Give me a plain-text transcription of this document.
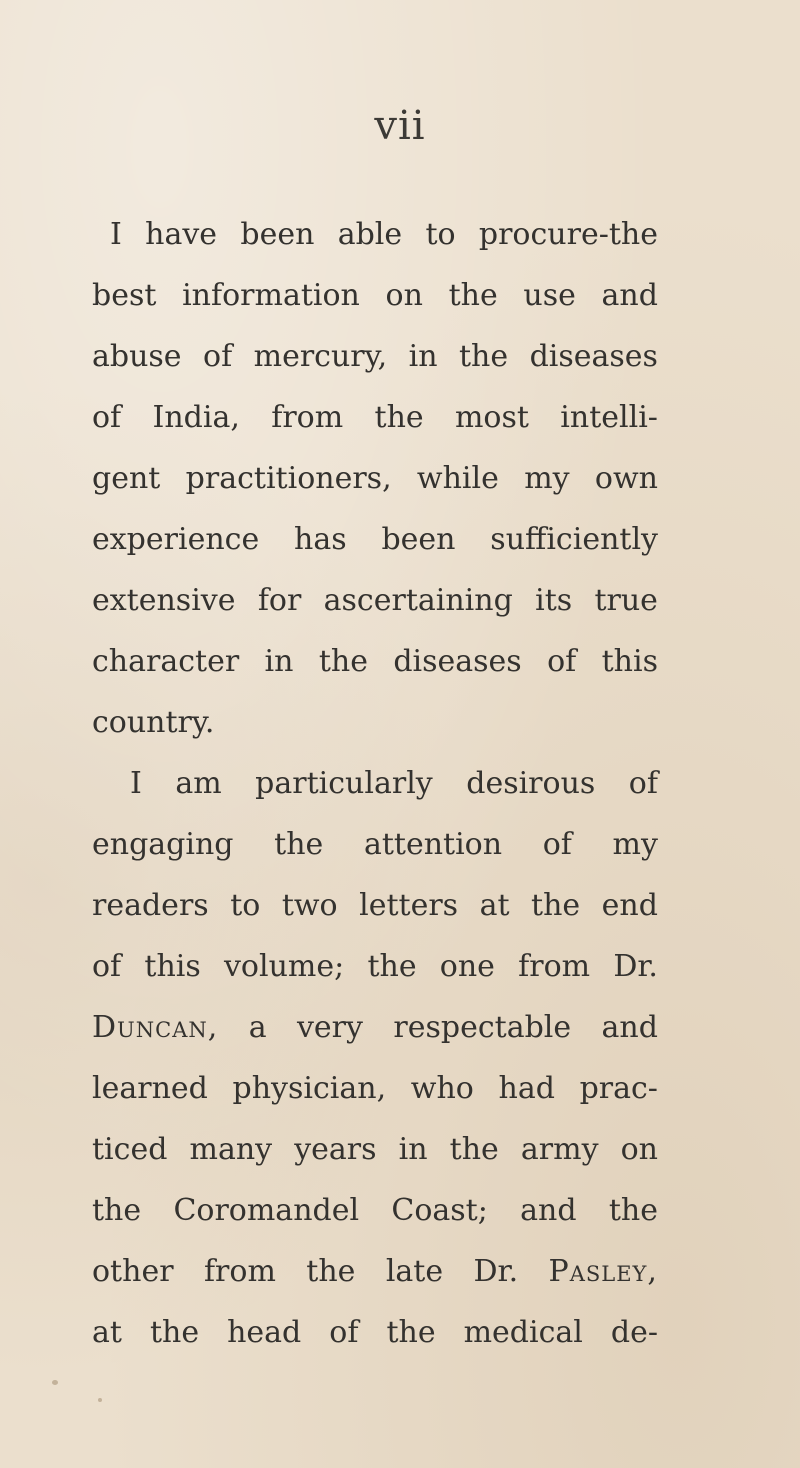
vii
I have been able to procure-the
best information on the use and
abuse of mercury, in the diseases
of India, from the most intelli-
gent practitioners, while my own
experience has been sufficiently
extensive for ascertaining its true
character in the diseases of this
country.
I am particularly desirous of
engaging the attention of my
readers to two letters at the end
of this volume; the one from Dr.
Duncan, a very respectable and
learned physician, who had prac-
ticed many years in the army on
the Coromandel Coast; and the
other from the late Dr. Pasley,
at the head of the medical de-
